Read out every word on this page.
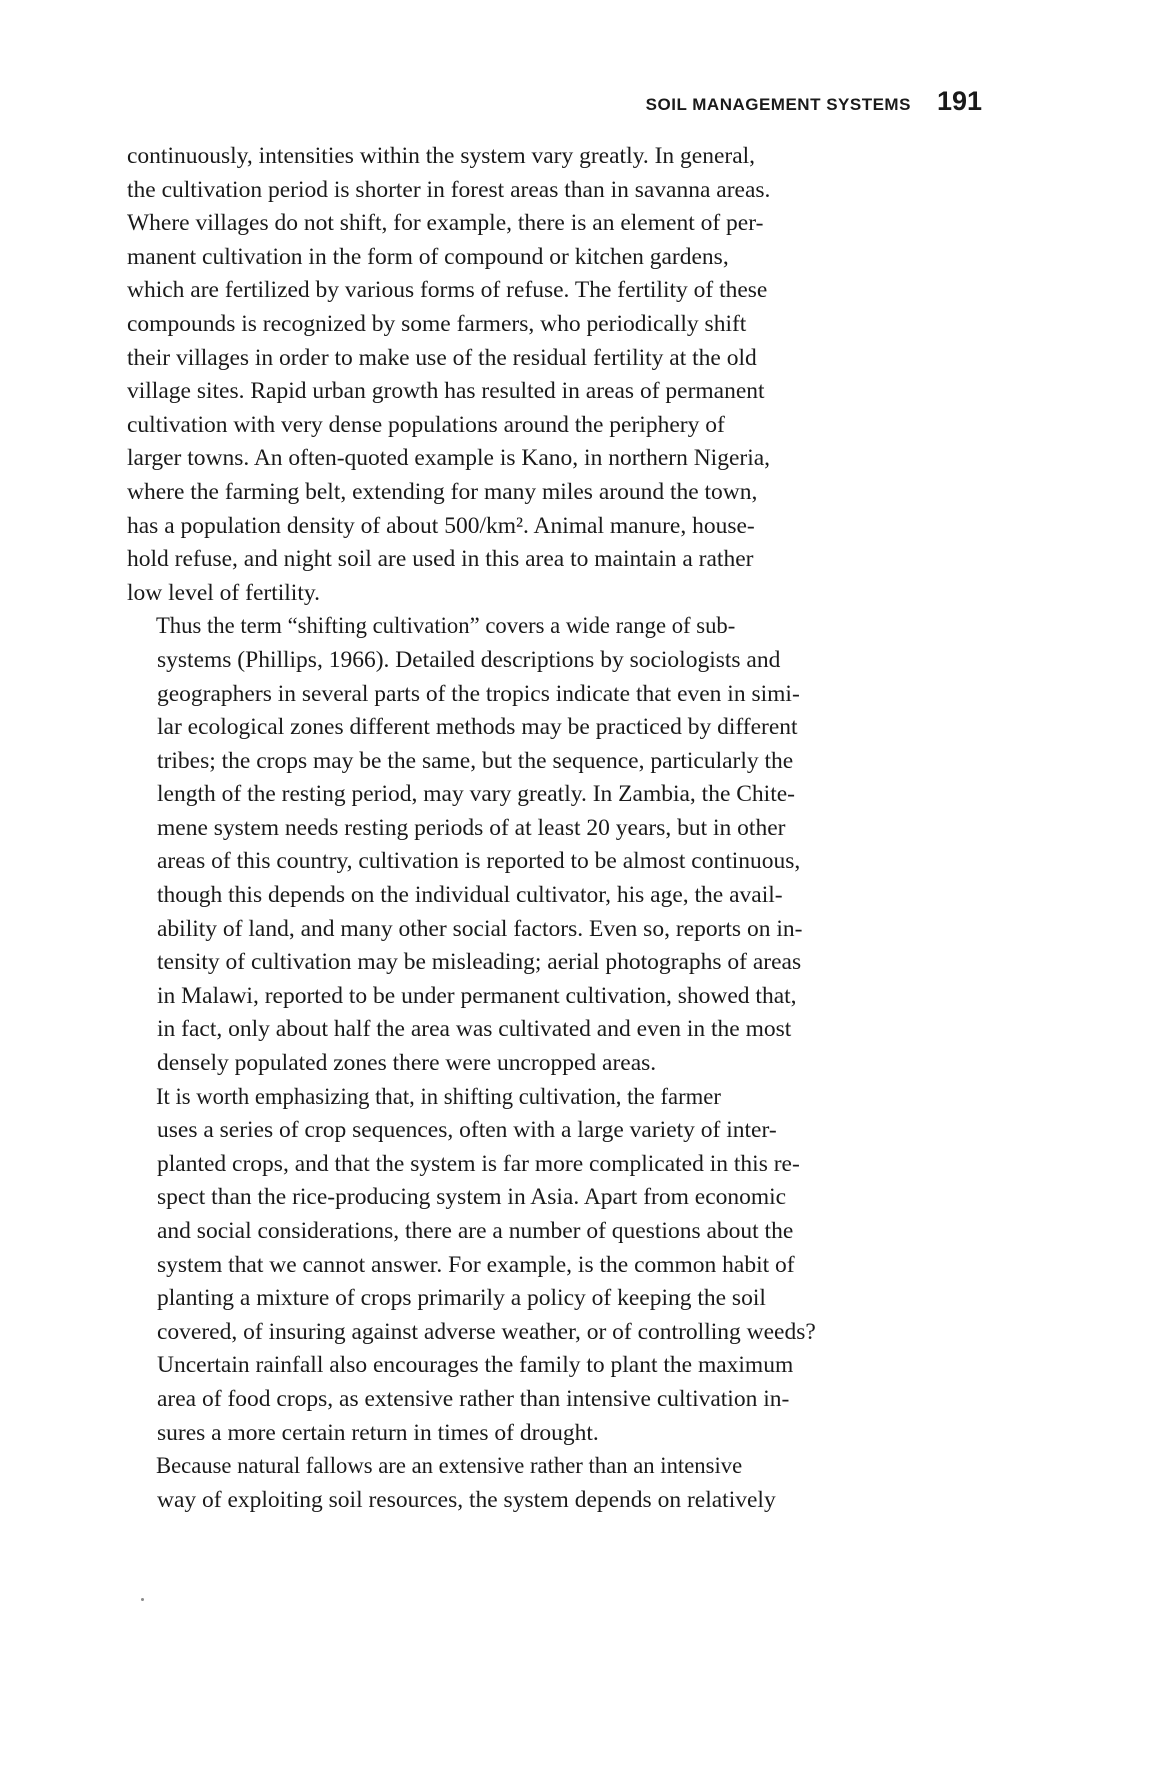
SOIL MANAGEMENT SYSTEMS 191

continuously, intensities within the system vary greatly. In general,
the cultivation period is shorter in forest areas than in savanna areas.
Where villages do not shift, for example, there is an element of per-
manent cultivation in the form of compound or kitchen gardens,
which are fertilized by various forms of refuse. The fertility of these
compounds is recognized by some farmers, who periodically shift
their villages in order to make use of the residual fertility at the old
village sites. Rapid urban growth has resulted in areas of permanent
cultivation with very dense populations around the periphery of
larger towns. An often-quoted example is Kano, in northern Nigeria,
where the farming belt, extending for many miles around the town,
has a population density of about 500/km². Animal manure, house-
hold refuse, and night soil are used in this area to maintain a rather
low level of fertility.

Thus the term “shifting cultivation” covers a wide range of sub-
systems (Phillips, 1966). Detailed descriptions by sociologists and
geographers in several parts of the tropics indicate that even in simi-
lar ecological zones different methods may be practiced by different
tribes; the crops may be the same, but the sequence, particularly the
length of the resting period, may vary greatly. In Zambia, the Chite-
mene system needs resting periods of at least 20 years, but in other
areas of this country, cultivation is reported to be almost continuous,
though this depends on the individual cultivator, his age, the avail-
ability of land, and many other social factors. Even so, reports on in-
tensity of cultivation may be misleading; aerial photographs of areas
in Malawi, reported to be under permanent cultivation, showed that,
in fact, only about half the area was cultivated and even in the most
densely populated zones there were uncropped areas.

It is worth emphasizing that, in shifting cultivation, the farmer
uses a series of crop sequences, often with a large variety of inter-
planted crops, and that the system is far more complicated in this re-
spect than the rice-producing system in Asia. Apart from economic
and social considerations, there are a number of questions about the
system that we cannot answer. For example, is the common habit of
planting a mixture of crops primarily a policy of keeping the soil
covered, of insuring against adverse weather, or of controlling weeds?
Uncertain rainfall also encourages the family to plant the maximum
area of food crops, as extensive rather than intensive cultivation in-
sures a more certain return in times of drought.

Because natural fallows are an extensive rather than an intensive
way of exploiting soil resources, the system depends on relatively
